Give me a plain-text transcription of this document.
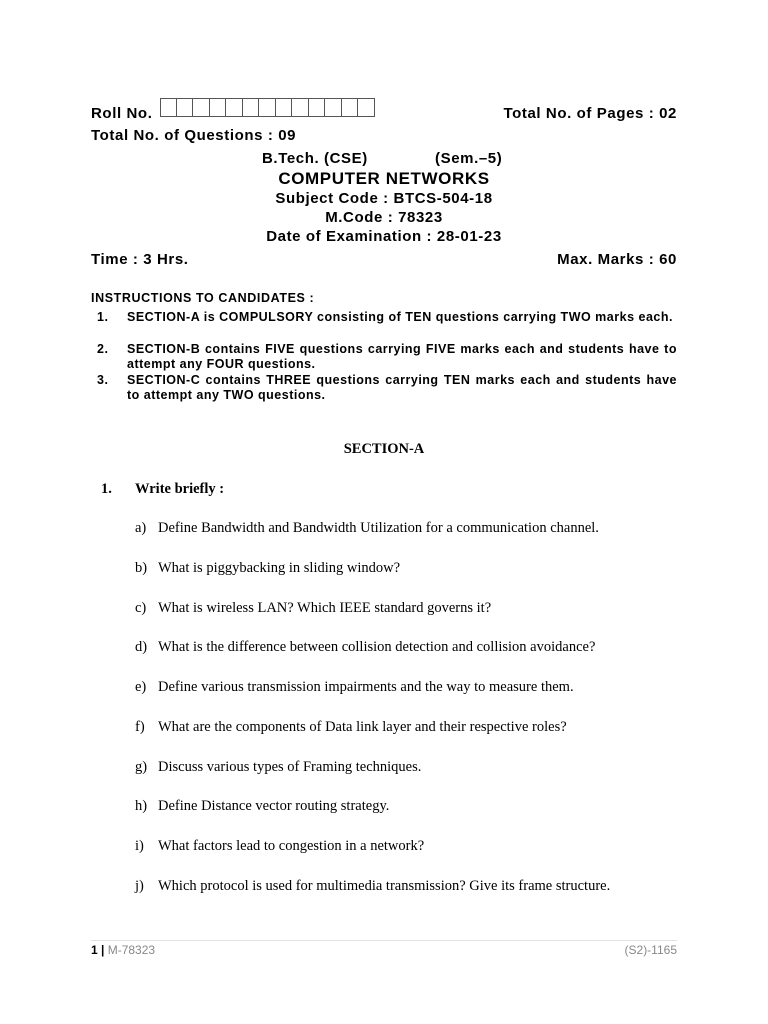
Roll No.	Total No. of Pages : 02
Total No. of Questions : 09
B.Tech. (CSE)	(Sem.–5)
COMPUTER NETWORKS
Subject Code : BTCS-504-18
M.Code : 78323
Date of Examination : 28-01-23
Time : 3 Hrs.	Max. Marks : 60
INSTRUCTIONS TO CANDIDATES :
1. SECTION-A is COMPULSORY consisting of TEN questions carrying TWO marks each.
2. SECTION-B contains FIVE questions carrying FIVE marks each and students have to attempt any FOUR questions.
3. SECTION-C contains THREE questions carrying TEN marks each and students have to attempt any TWO questions.
SECTION-A
1. Write briefly :
a) Define Bandwidth and Bandwidth Utilization for a communication channel.
b) What is piggybacking in sliding window?
c) What is wireless LAN? Which IEEE standard governs it?
d) What is the difference between collision detection and collision avoidance?
e) Define various transmission impairments and the way to measure them.
f) What are the components of Data link layer and their respective roles?
g) Discuss various types of Framing techniques.
h) Define Distance vector routing strategy.
i) What factors lead to congestion in a network?
j) Which protocol is used for multimedia transmission? Give its frame structure.
1 | M-78323	(S2)-1165
